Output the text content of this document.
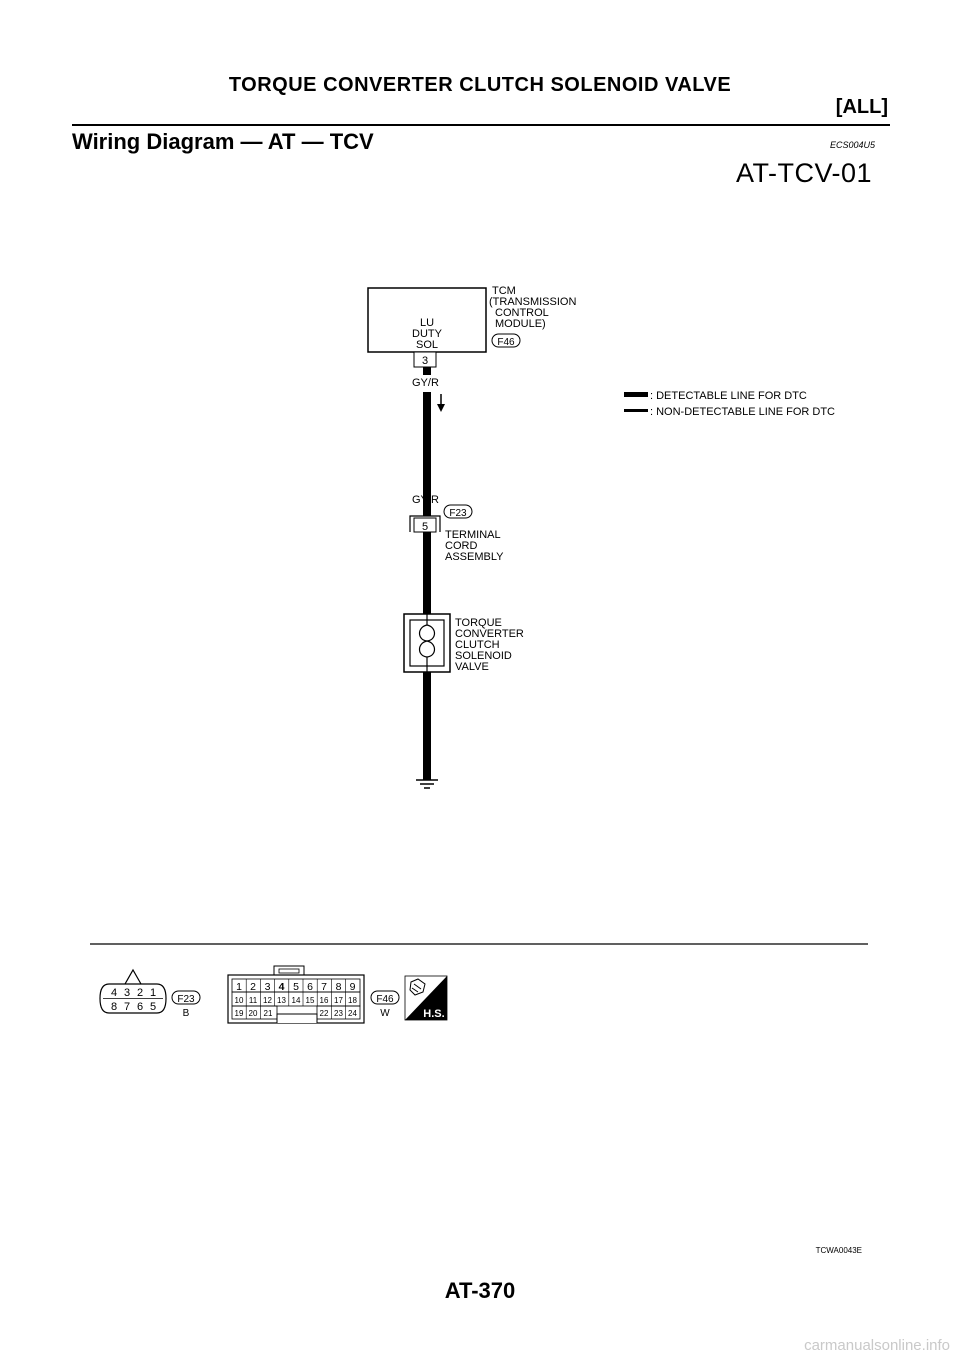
TORQUE CONVERTER CLUTCH SOLENOID VALVE
[ALL]
Wiring Diagram — AT — TCV	ECS004U5
AT-TCV-01
LU
DUTY
SOL
TCM
(TRANSMISSION
CONTROL
MODULE)
F46
3
GY/R
GY/R
F23
5
TERMINAL
CORD
ASSEMBLY
TORQUE
CONVERTER
CLUTCH
SOLENOID
VALVE
: DETECTABLE LINE FOR DTC
: NON-DETECTABLE LINE FOR DTC
4 3 2 1
8 7 6 5
F23
B
1 2 3 4 5 6 7 8 9
10 11 12 13 14 15 16 17 18
19 20 21	22 23 24
F46
W	H.S.
TCWA0043E
AT-370
carmanualsonline.info
